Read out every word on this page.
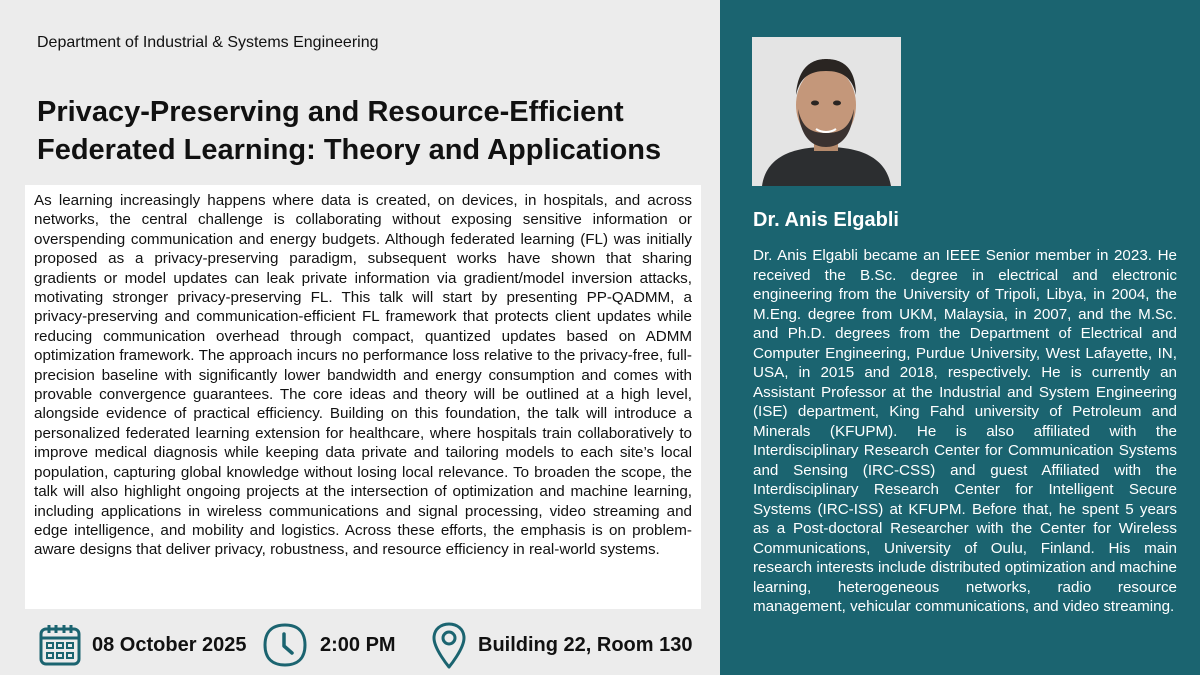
Department of Industrial & Systems Engineering
Privacy-Preserving and Resource-Efficient Federated Learning: Theory and Applications

As learning increasingly happens where data is created, on devices, in hospitals, and across networks, the central challenge is collaborating without exposing sensitive information or overspending communication and energy budgets. Although federated learning (FL) was initially proposed as a privacy-preserving paradigm, subsequent works have shown that sharing gradients or model updates can leak private information via gradient/model inversion attacks, motivating stronger privacy-preserving FL. This talk will start by presenting PP-QADMM, a privacy-preserving and communication-efficient FL framework that protects client updates while reducing communication overhead through compact, quantized updates based on ADMM optimization framework. The approach incurs no performance loss relative to the privacy-free, full-precision baseline with significantly lower bandwidth and energy consumption and comes with provable convergence guarantees. The core ideas and theory will be outlined at a high level, alongside evidence of practical efficiency. Building on this foundation, the talk will introduce a personalized federated learning extension for healthcare, where hospitals train collaboratively to improve medical diagnosis while keeping data private and tailoring models to each site’s local population, capturing global knowledge without losing local relevance. To broaden the scope, the talk will also highlight ongoing projects at the intersection of optimization and machine learning, including applications in wireless communications and signal processing, video streaming and edge intelligence, and mobility and logistics. Across these efforts, the emphasis is on problem-aware designs that deliver privacy, robustness, and resource efficiency in real-world systems.

08 October 2025	2:00 PM	Building 22, Room 130
Dr. Anis Elgabli

Dr. Anis Elgabli became an IEEE Senior member in 2023. He received the B.Sc. degree in electrical and electronic engineering from the University of Tripoli, Libya, in 2004, the M.Eng. degree from UKM, Malaysia, in 2007, and the M.Sc. and Ph.D. degrees from the Department of Electrical and Computer Engineering, Purdue University, West Lafayette, IN, USA, in 2015 and 2018, respectively. He is currently an Assistant Professor at the Industrial and System Engineering (ISE) department, King Fahd university of Petroleum and Minerals (KFUPM). He is also affiliated with the Interdisciplinary Research Center for Communication Systems and Sensing (IRC-CSS) and guest Affiliated with the Interdisciplinary Research Center for Intelligent Secure Systems (IRC-ISS) at KFUPM. Before that, he spent 5 years as a Post-doctoral Researcher with the Center for Wireless Communications, University of Oulu, Finland. His main research interests include distributed optimization and machine learning, heterogeneous networks, radio resource management, vehicular communications, and video streaming.
